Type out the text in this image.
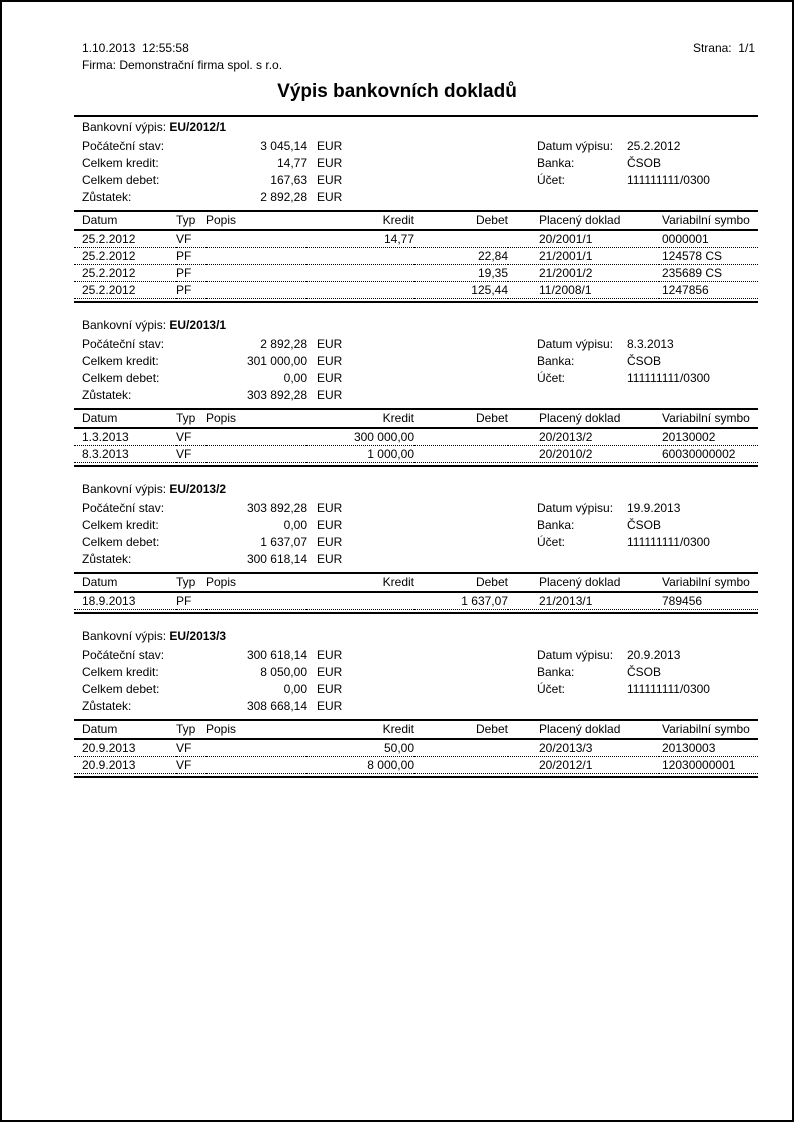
1.10.2013  12:55:58	Strana:  1/1
Firma: Demonstrační firma spol. s r.o.
Výpis bankovních dokladů
Bankovní výpis: EU/2012/1
Počáteční stav:	3 045,14 EUR
Celkem kredit:	14,77 EUR
Celkem debet:	167,63 EUR
Zůstatek:	2 892,28 EUR
Datum výpisu:	25.2.2012
Banka:	ČSOB
Účet:	111111111/0300
Datum	Typ	Popis	Kredit	Debet	Placený doklad	Variabilní symbo
25.2.2012	VF		14,77		20/2001/1	0000001
25.2.2012	PF			22,84	21/2001/1	124578 CS
25.2.2012	PF			19,35	21/2001/2	235689 CS
25.2.2012	PF			125,44	11/2008/1	1247856
Bankovní výpis: EU/2013/1
Počáteční stav:	2 892,28 EUR
Celkem kredit:	301 000,00 EUR
Celkem debet:	0,00 EUR
Zůstatek:	303 892,28 EUR
Datum výpisu:	8.3.2013
Banka:	ČSOB
Účet:	111111111/0300
Datum	Typ	Popis	Kredit	Debet	Placený doklad	Variabilní symbo
1.3.2013	VF		300 000,00		20/2013/2	20130002
8.3.2013	VF		1 000,00		20/2010/2	60030000002
Bankovní výpis: EU/2013/2
Počáteční stav:	303 892,28 EUR
Celkem kredit:	0,00 EUR
Celkem debet:	1 637,07 EUR
Zůstatek:	300 618,14 EUR
Datum výpisu:	19.9.2013
Banka:	ČSOB
Účet:	111111111/0300
Datum	Typ	Popis	Kredit	Debet	Placený doklad	Variabilní symbo
18.9.2013	PF			1 637,07	21/2013/1	789456
Bankovní výpis: EU/2013/3
Počáteční stav:	300 618,14 EUR
Celkem kredit:	8 050,00 EUR
Celkem debet:	0,00 EUR
Zůstatek:	308 668,14 EUR
Datum výpisu:	20.9.2013
Banka:	ČSOB
Účet:	111111111/0300
Datum	Typ	Popis	Kredit	Debet	Placený doklad	Variabilní symbo
20.9.2013	VF		50,00		20/2013/3	20130003
20.9.2013	VF		8 000,00		20/2012/1	12030000001
